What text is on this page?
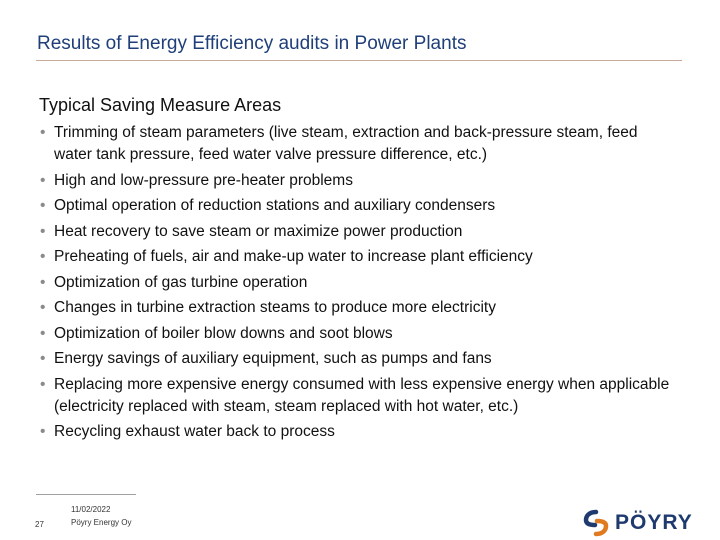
Results of Energy Efficiency audits in Power Plants
Typical Saving Measure Areas
• Trimming of steam parameters (live steam, extraction and back-pressure steam, feed water tank pressure, feed water valve pressure difference, etc.)
• High and low-pressure pre-heater problems
• Optimal operation of reduction stations and auxiliary condensers
• Heat recovery to save steam or maximize power production
• Preheating of fuels, air and make-up water to increase plant efficiency
• Optimization of gas turbine operation
• Changes in turbine extraction steams to produce more electricity
• Optimization of boiler blow downs and soot blows
• Energy savings of auxiliary equipment, such as pumps and fans
• Replacing more expensive energy consumed with less expensive energy when applicable (electricity replaced with steam, steam replaced with hot water, etc.)
• Recycling exhaust water back to process
27
11/02/2022
Pöyry Energy Oy	PÖYRY
